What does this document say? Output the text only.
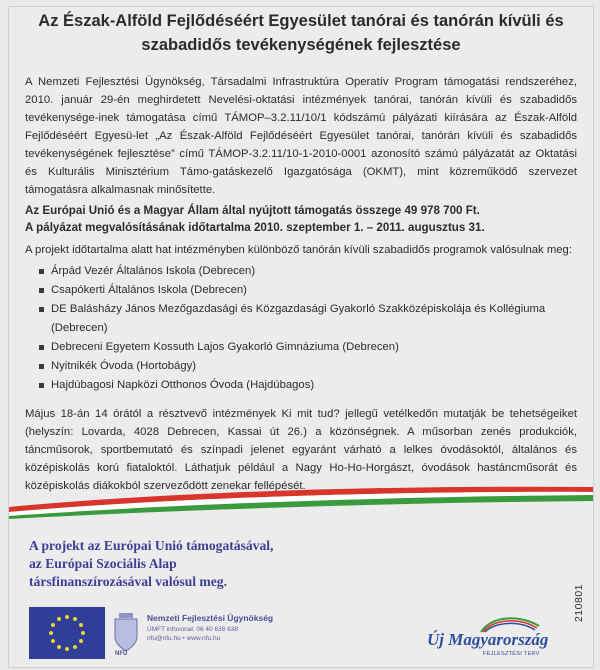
Az Észak-Alföld Fejlődéséért Egyesület tanórai és tanórán kívüli és
szabadidős tevékenységének fejlesztése

A Nemzeti Fejlesztési Ügynökség, Társadalmi Infrastruktúra Operatív Program támogatási rendszeréhez, 2010. január 29-én meghirdetett Nevelési-oktatási intézmények tanórai, tanórán kívüli és szabadidős tevékenysége-inek támogatása című TÁMOP–3.2.11/10/1 kódszámú pályázati kiírására az Észak-Alföld Fejlődéséért Egyesü-let „Az Észak-Alföld Fejlődéséért Egyesület tanórai, tanórán kívüli és szabadidős tevékenységének fejlesztése” című TÁMOP-3.2.11/10-1-2010-0001 azonosító számú pályázatát az Oktatási és Kulturális Minisztérium Támo-gatáskezelő Igazgatósága (OKMT), mint közreműködő szervezet támogatásra alkalmasnak minősítette.

Az Európai Unió és a Magyar Állam által nyújtott támogatás összege 49 978 700 Ft.

A pályázat megvalósításának időtartalma 2010. szeptember 1. – 2011. augusztus 31.

A projekt időtartalma alatt hat intézményben különböző tanórán kívüli szabadidős programok valósulnak meg:

Árpád Vezér Általános Iskola (Debrecen)
Csapókerti Általános Iskola (Debrecen)
DE Balásházy János Mezőgazdasági és Közgazdasági Gyakorló Szakközépiskolája és Kollégiuma (Debrecen)
Debreceni Egyetem Kossuth Lajos Gyakorló Gimnáziuma (Debrecen)
Nyitnikék Óvoda (Hortobágy)
Hajdúbagosi Napközi Otthonos Óvoda (Hajdúbagos)

Május 18-án 14 órától a résztvevő intézmények Ki mit tud? jellegű vetélkedőn mutatják be tehetségeiket (helyszín: Lovarda, 4028 Debrecen, Kassai út 26.) a közönségnek. A műsorban zenés produkciók, táncműsorok, sportbemutató és színpadi jelenet egyaránt várható a lelkes óvodásoktól, általános és középiskolás korú fiataloktól. Láthatjuk például a Nagy Ho-Ho-Horgászt, óvodások hastáncműsorát és középiskolás diákokból szerveződött zenekar fellépését.

A projekt az Európai Unió támogatásával,
az Európai Szociális Alap
társfinanszírozásával valósul meg.
210801
Nemzeti Fejlesztési Ügynökség
ÚMFT infovonal: 06 40 638 638
nfu@nfu.hu • www.nfu.hu
NFÜ
Új Magyarország
FEJLESZTÉSI TERV
